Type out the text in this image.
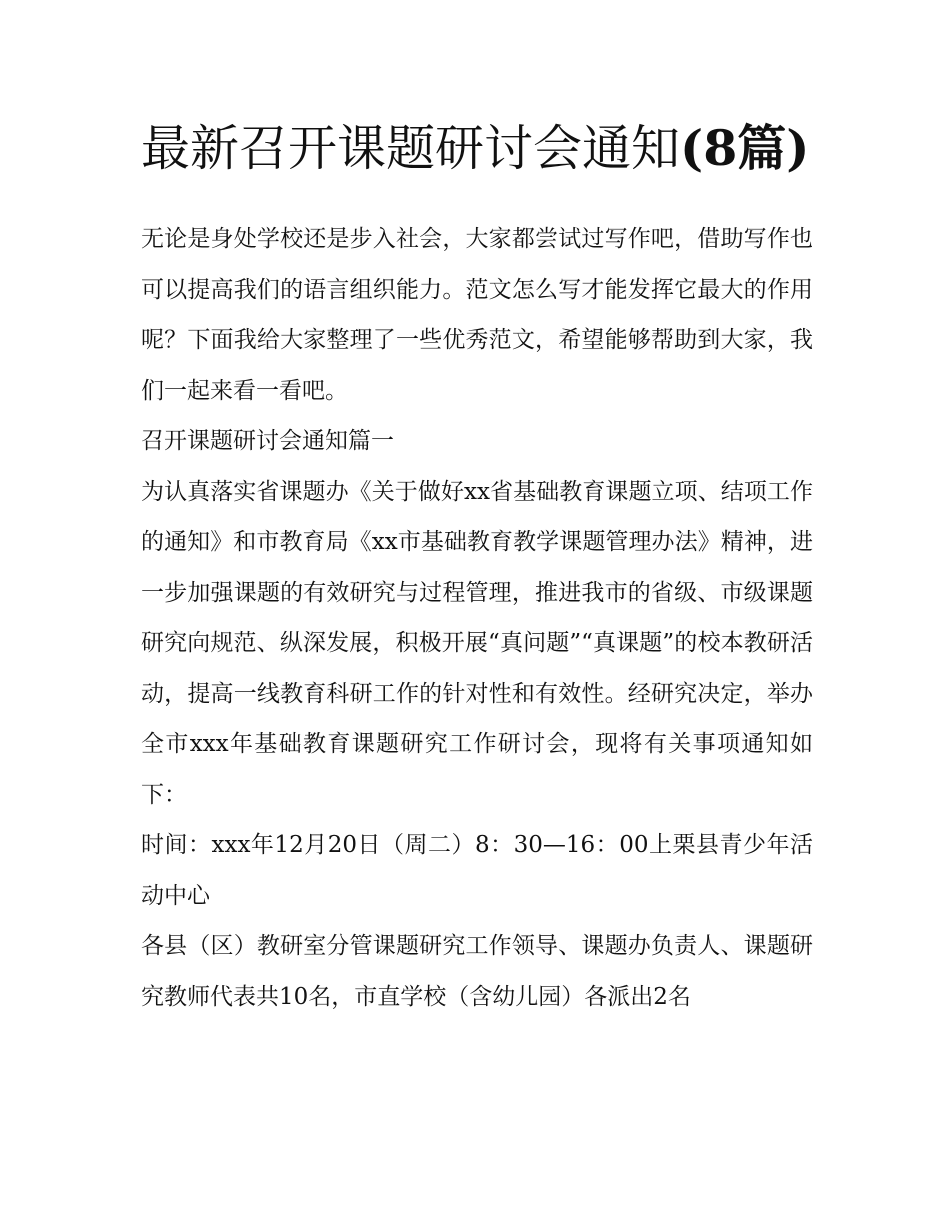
最新召开课题研讨会通知(8篇)

无论是身处学校还是步入社会，大家都尝试过写作吧，借助写作也可以提高我们的语言组织能力。范文怎么写才能发挥它最大的作用呢？下面我给大家整理了一些优秀范文，希望能够帮助到大家，我们一起来看一看吧。

召开课题研讨会通知篇一

为认真落实省课题办《关于做好xx省基础教育课题立项、结项工作的通知》和市教育局《xx市基础教育教学课题管理办法》精神，进一步加强课题的有效研究与过程管理，推进我市的省级、市级课题研究向规范、纵深发展，积极开展“真问题”“真课题”的校本教研活动，提高一线教育科研工作的针对性和有效性。经研究决定，举办全市xxx年基础教育课题研究工作研讨会，现将有关事项通知如下：

时间：xxx年12月20日（周二）8：30—16：00上栗县青少年活动中心

各县（区）教研室分管课题研究工作领导、课题办负责人、课题研究教师代表共10名，市直学校（含幼儿园）各派出2名
